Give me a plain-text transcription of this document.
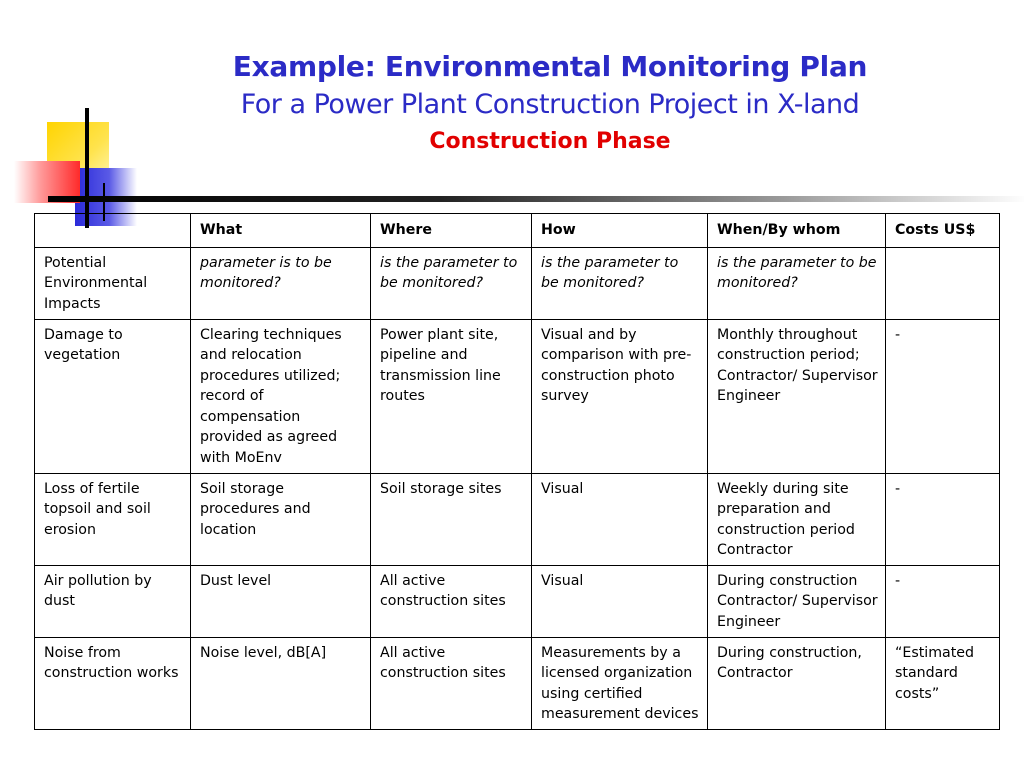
Example: Environmental Monitoring Plan
For a Power Plant Construction Project in X-land
Construction Phase
	What	Where	How	When/By whom	Costs US$
Potential Environmental Impacts	parameter is to be monitored?	is the parameter to be monitored?	is the parameter to be monitored?	is the parameter to be monitored?	
Damage to vegetation	Clearing techniques and relocation procedures utilized; record of compensation provided as agreed with MoEnv	Power plant site, pipeline and transmission line routes	Visual and by comparison with pre-construction photo survey	Monthly throughout construction period; Contractor/ Supervisor Engineer	-
Loss of fertile topsoil and soil erosion	Soil storage procedures and location	Soil storage sites	Visual	Weekly during site preparation and construction period Contractor	-
Air pollution by dust	Dust level	All active construction sites	Visual	During construction Contractor/ Supervisor Engineer	-
Noise from construction works	Noise level, dB[A]	All active construction sites	Measurements by a licensed organization using certified measurement devices	During construction, Contractor	“Estimated standard costs”
